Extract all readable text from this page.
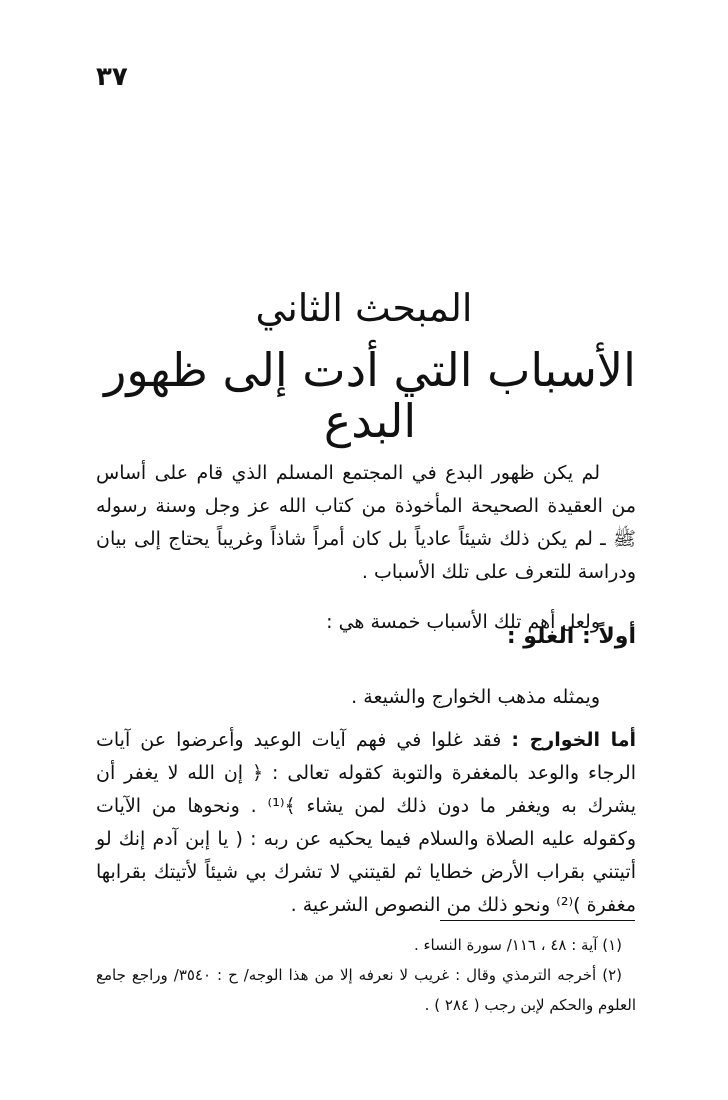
٣٧
المبحث الثاني
الأسباب التي أدت إلى ظهور البدع

لم يكن ظهور البدع في المجتمع المسلم الذي قام على أساس من العقيدة الصحيحة المأخوذة من كتاب الله عز وجل وسنة رسوله ﷺ ـ لم يكن ذلك شيئاً عادياً بل كان أمراً شاذاً وغريباً يحتاج إلى بيان ودراسة للتعرف على تلك الأسباب .

ولعل أهم تلك الأسباب خمسة هي :

أولاً : الغلو :

ويمثله مذهب الخوارج والشيعة .

أما الخوارج : فقد غلوا في فهم آيات الوعيد وأعرضوا عن آيات الرجاء والوعد بالمغفرة والتوبة كقوله تعالى : ﴿ إن الله لا يغفر أن يشرك به ويغفر ما دون ذلك لمن يشاء ﴾⁽¹⁾ . ونحوها من الآيات وكقوله عليه الصلاة والسلام فيما يحكيه عن ربه : ( يا إبن آدم إنك لو أتيتني بقراب الأرض خطايا ثم لقيتني لا تشرك بي شيئاً لأتيتك بقرابها مغفرة )⁽²⁾ ونحو ذلك من النصوص الشرعية .

(١) آية : ٤٨ ، ١١٦/ سورة النساء .

(٢) أخرجه الترمذي وقال : غريب لا نعرفه إلا من هذا الوجه/ ح : ٣٥٤٠/ وراجع جامع العلوم والحكم لإبن رجب ( ٢٨٤ ) .
